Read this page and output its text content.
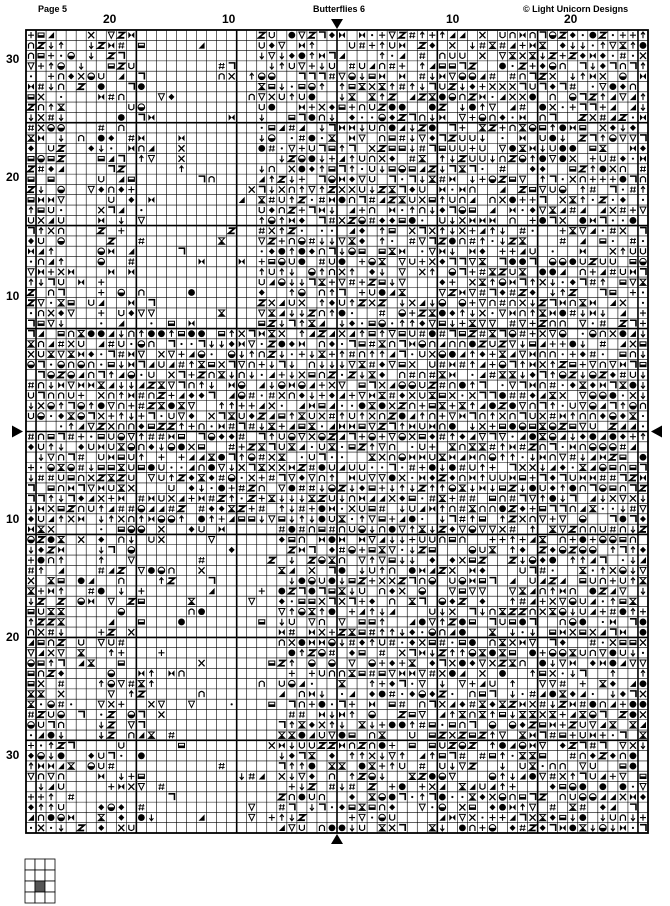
Page 5	Butterflies 6	© Light Unicorn Designs
20	10	10	20
30
20
10
10
20
30
